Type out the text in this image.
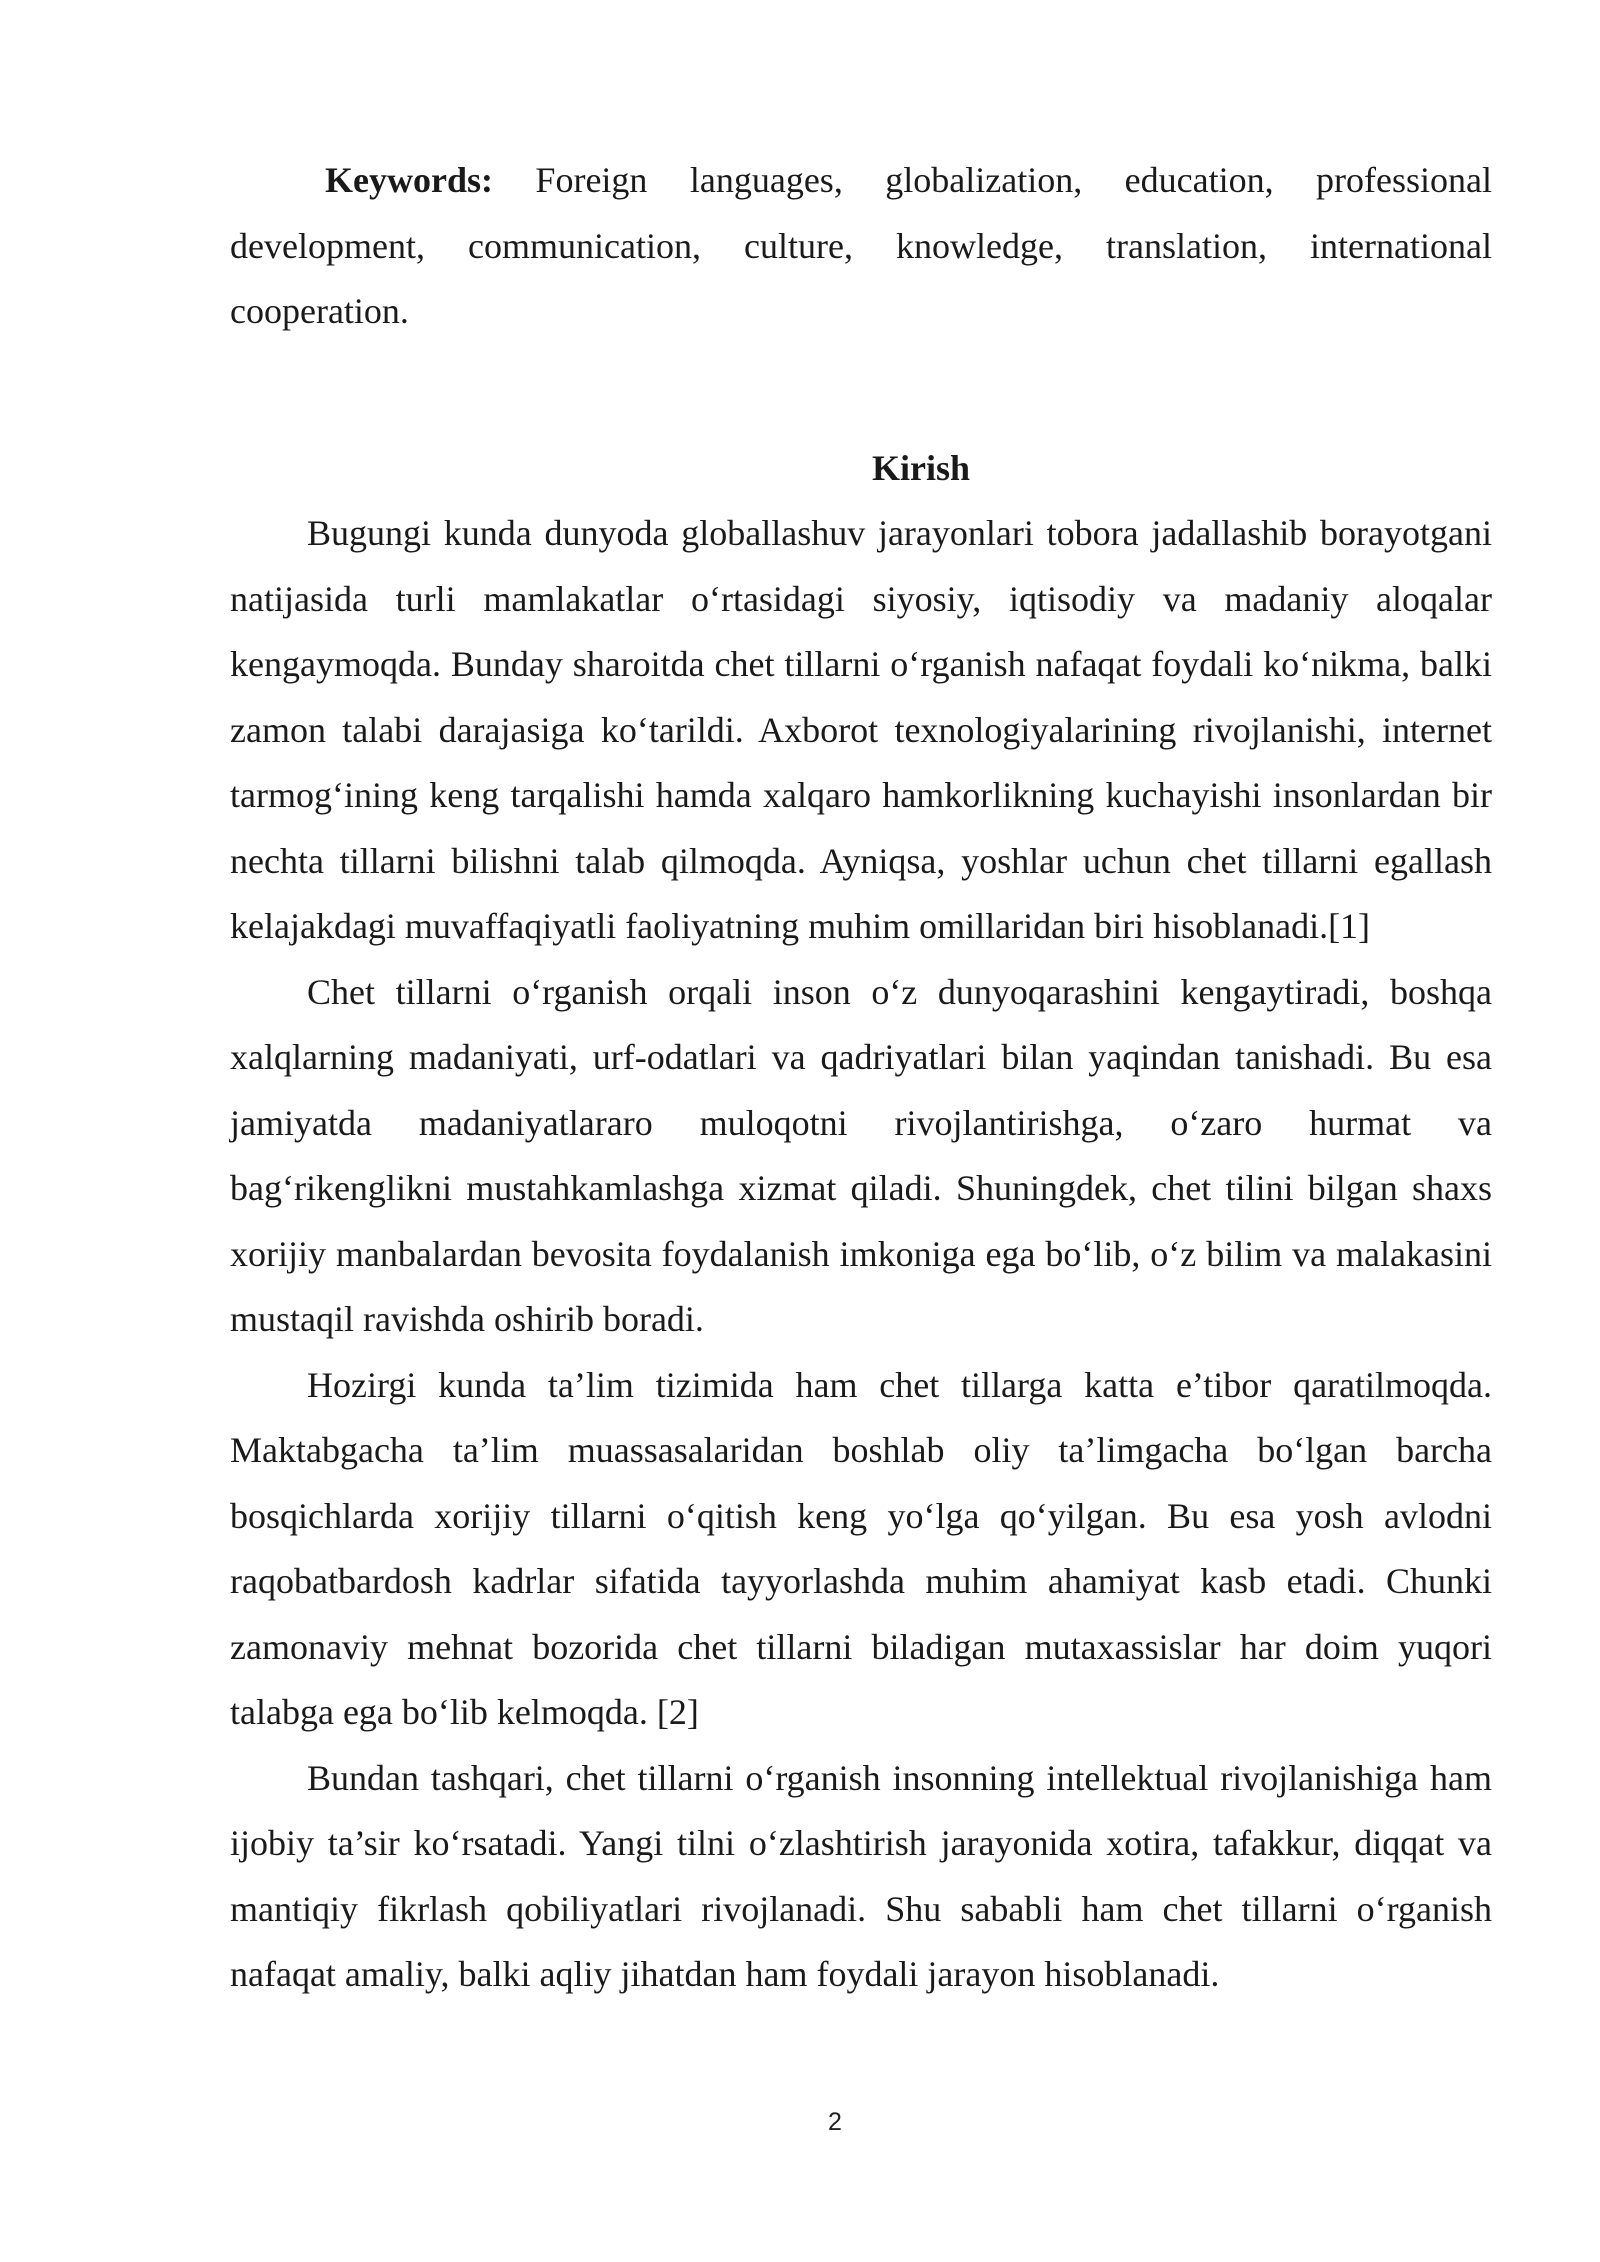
Keywords: Foreign languages, globalization, education, professional development, communication, culture, knowledge, translation, international cooperation.

Kirish

Bugungi kunda dunyoda globallashuv jarayonlari tobora jadallashib borayotgani natijasida turli mamlakatlar o‘rtasidagi siyosiy, iqtisodiy va madaniy aloqalar kengaymoqda. Bunday sharoitda chet tillarni o‘rganish nafaqat foydali ko‘nikma, balki zamon talabi darajasiga ko‘tarildi. Axborot texnologiyalarining rivojlanishi, internet tarmog‘ining keng tarqalishi hamda xalqaro hamkorlikning kuchayishi insonlardan bir nechta tillarni bilishni talab qilmoqda. Ayniqsa, yoshlar uchun chet tillarni egallash kelajakdagi muvaffaqiyatli faoliyatning muhim omillaridan biri hisoblanadi.[1]

Chet tillarni o‘rganish orqali inson o‘z dunyoqarashini kengaytiradi, boshqa xalqlarning madaniyati, urf-odatlari va qadriyatlari bilan yaqindan tanishadi. Bu esa jamiyatda madaniyatlararo muloqotni rivojlantirishga, o‘zaro hurmat va bag‘rikenglikni mustahkamlashga xizmat qiladi. Shuningdek, chet tilini bilgan shaxs xorijiy manbalardan bevosita foydalanish imkoniga ega bo‘lib, o‘z bilim va malakasini mustaqil ravishda oshirib boradi.

Hozirgi kunda ta’lim tizimida ham chet tillarga katta e’tibor qaratilmoqda. Maktabgacha ta’lim muassasalaridan boshlab oliy ta’limgacha bo‘lgan barcha bosqichlarda xorijiy tillarni o‘qitish keng yo‘lga qo‘yilgan. Bu esa yosh avlodni raqobatbardosh kadrlar sifatida tayyorlashda muhim ahamiyat kasb etadi. Chunki zamonaviy mehnat bozorida chet tillarni biladigan mutaxassislar har doim yuqori talabga ega bo‘lib kelmoqda. [2]

Bundan tashqari, chet tillarni o‘rganish insonning intellektual rivojlanishiga ham ijobiy ta’sir ko‘rsatadi. Yangi tilni o‘zlashtirish jarayonida xotira, tafakkur, diqqat va mantiqiy fikrlash qobiliyatlari rivojlanadi. Shu sababli ham chet tillarni o‘rganish nafaqat amaliy, balki aqliy jihatdan ham foydali jarayon hisoblanadi.

2
